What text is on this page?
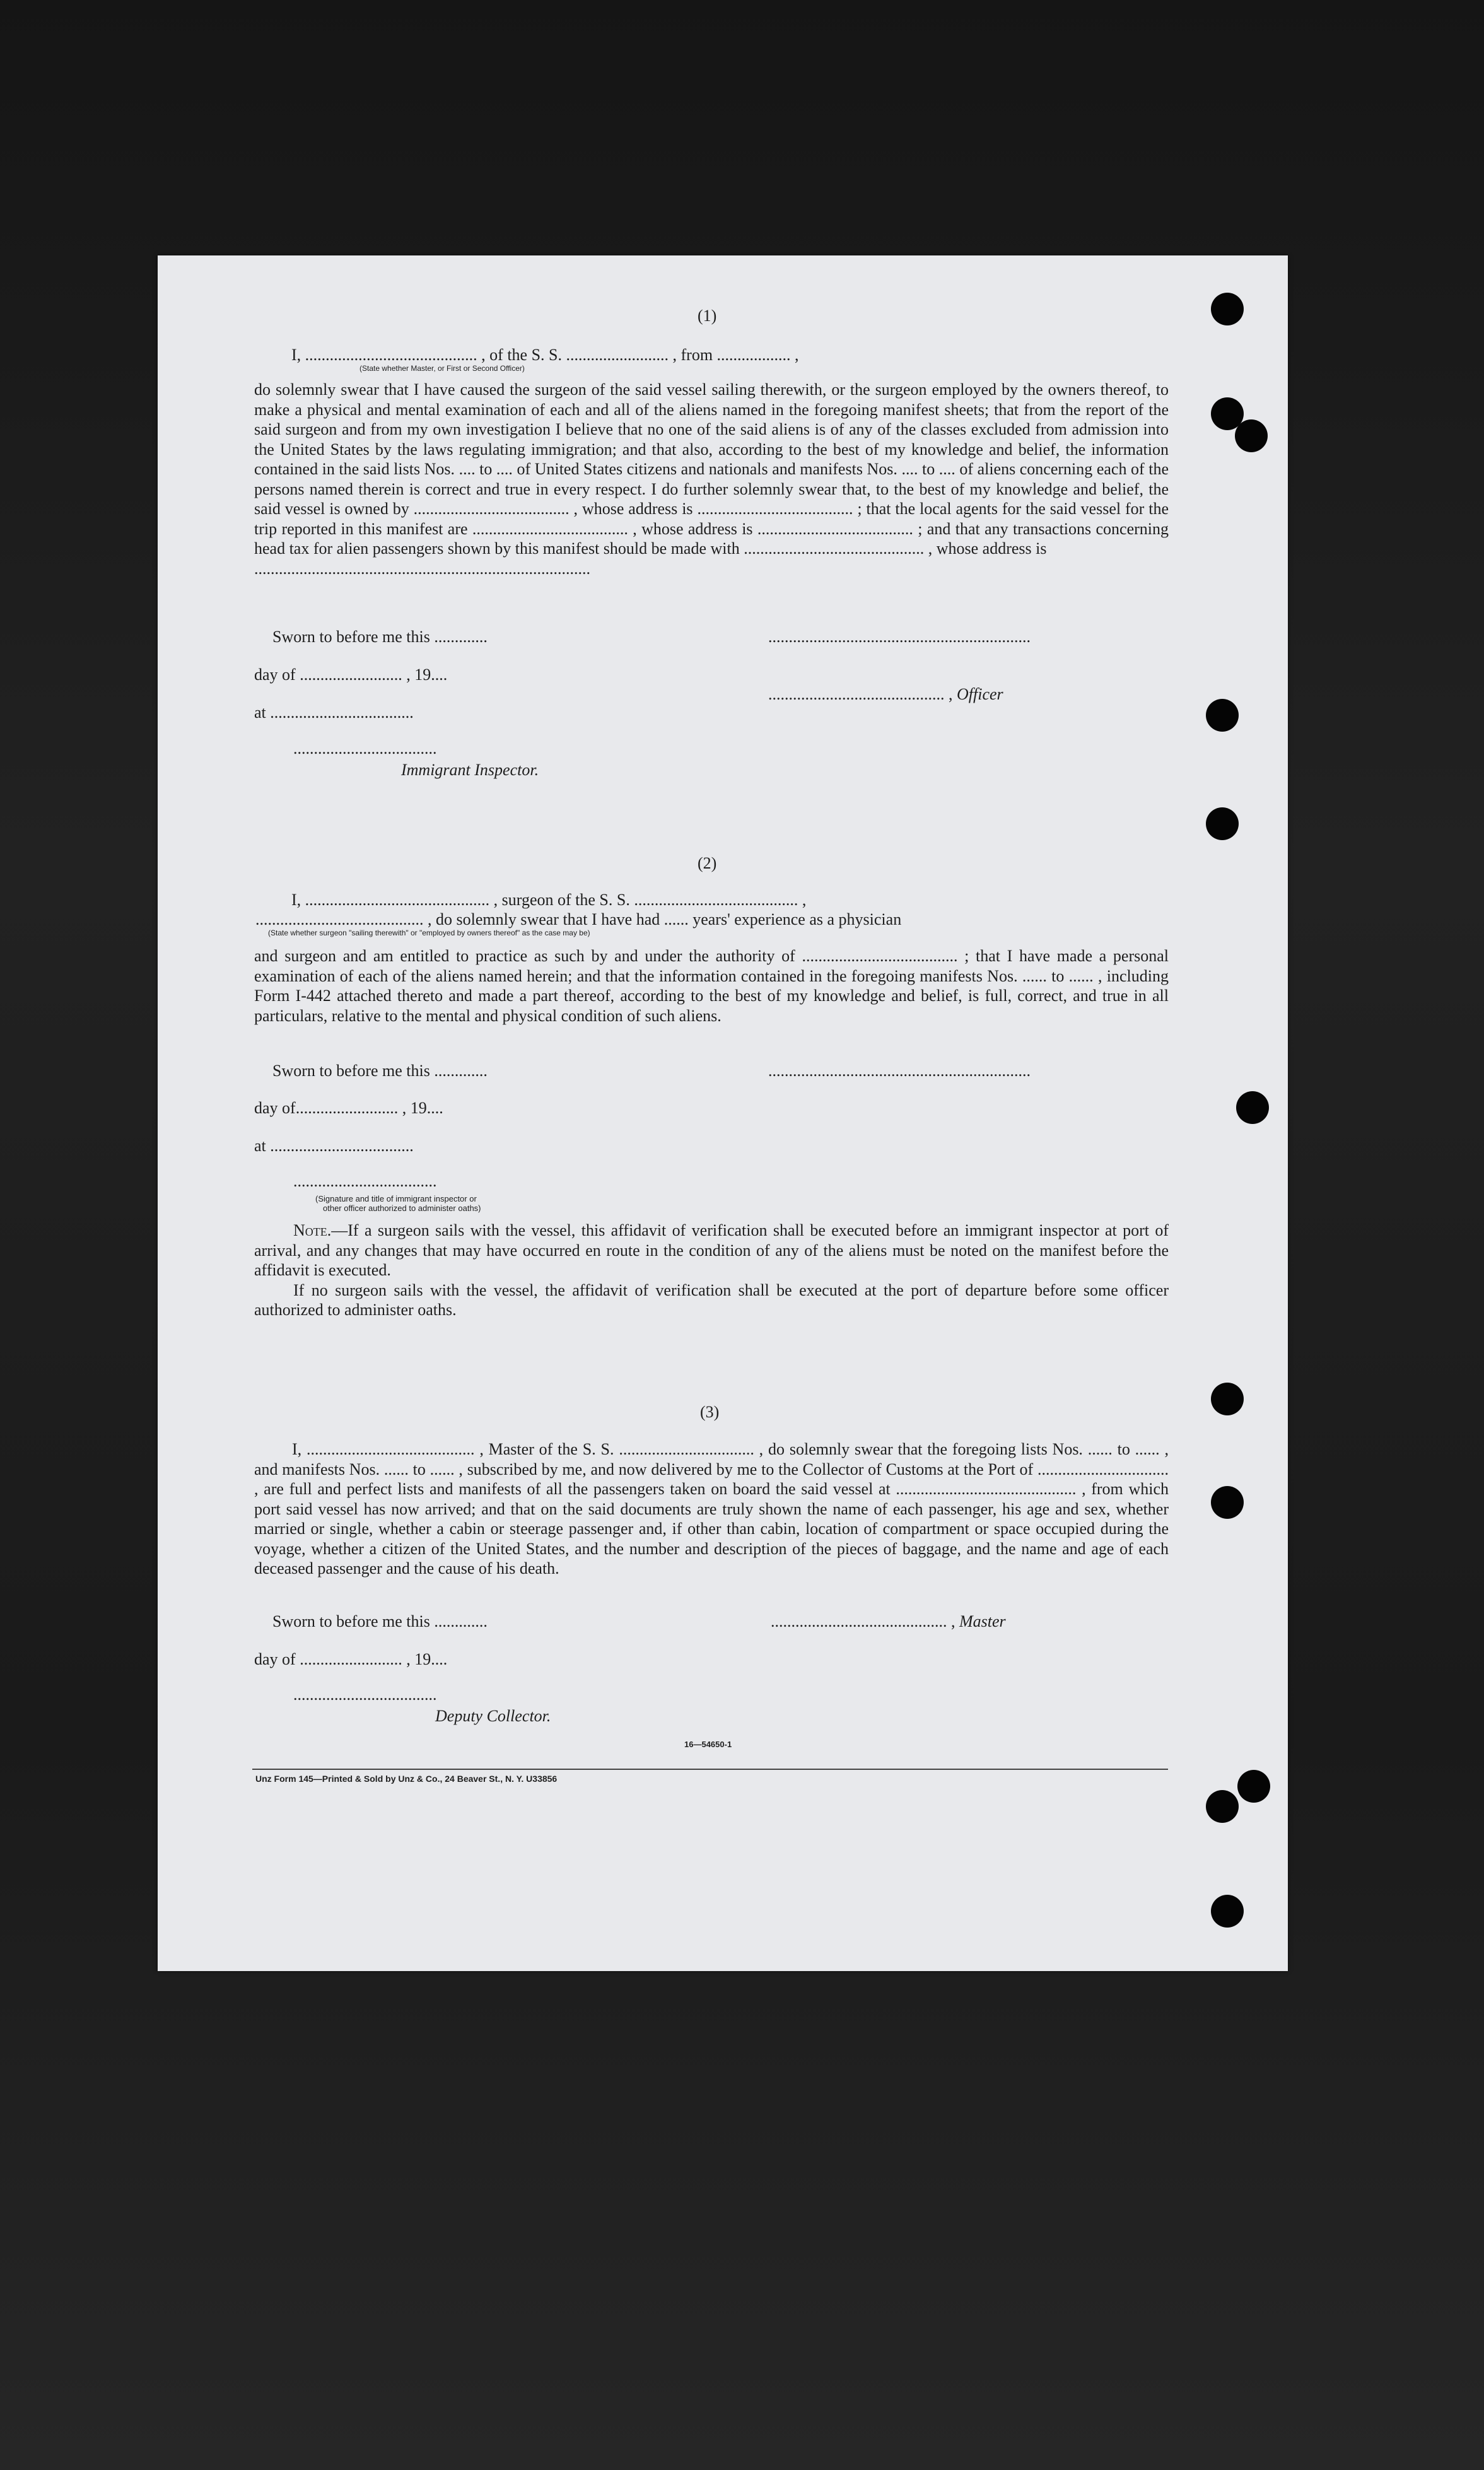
(1)
I, .......................................... , of the S. S. ......................... , from .................. ,
(State whether Master, or First or Second Officer)

do solemnly swear that I have caused the surgeon of the said vessel sailing therewith, or the surgeon employed by the owners thereof, to make a physical and mental examination of each and all of the aliens named in the foregoing manifest sheets; that from the report of the said surgeon and from my own investigation I believe that no one of the said aliens is of any of the classes excluded from admission into the United States by the laws regulating immigration; and that also, according to the best of my knowledge and belief, the information contained in the said lists Nos. .... to .... of United States citizens and nationals and manifests Nos. .... to .... of aliens concerning each of the persons named therein is correct and true in every respect. I do further solemnly swear that, to the best of my knowledge and belief, the said vessel is owned by ...................................... , whose address is ...................................... ; that the local agents for the said vessel for the trip reported in this manifest are ...................................... , whose address is ...................................... ; and that any transactions concerning head tax for alien passengers shown by this manifest should be made with ............................................ , whose address is

..................................................................................

Sworn to before me this .............	................................................................
day of ......................... , 19....
........................................... , Officer
at ...................................
...................................
Immigrant Inspector.
(2)
I, ............................................. , surgeon of the S. S. ........................................ ,
......................................... , do solemnly swear that I have had ...... years' experience as a physician
(State whether surgeon "sailing therewith" or "employed by owners thereof" as the case may be)

and surgeon and am entitled to practice as such by and under the authority of ...................................... ; that I have made a personal examination of each of the aliens named herein; and that the information contained in the foregoing manifests Nos. ...... to ...... , including Form I-442 attached thereto and made a part thereof, according to the best of my knowledge and belief, is full, correct, and true in all particulars, relative to the mental and physical condition of such aliens.

Sworn to before me this .............	................................................................
day of......................... , 19....
at ...................................
...................................
(Signature and title of immigrant inspector or
other officer authorized to administer oaths)

Note.—If a surgeon sails with the vessel, this affidavit of verification shall be executed before an immigrant inspector at port of arrival, and any changes that may have occurred en route in the condition of any of the aliens must be noted on the manifest before the affidavit is executed.

If no surgeon sails with the vessel, the affidavit of verification shall be executed at the port of departure before some officer authorized to administer oaths.

(3)

I, ......................................... , Master of the S. S. ................................. , do solemnly swear that the foregoing lists Nos. ...... to ...... , and manifests Nos. ...... to ...... , subscribed by me, and now delivered by me to the Collector of Customs at the Port of ................................ , are full and perfect lists and manifests of all the passengers taken on board the said vessel at ............................................ , from which port said vessel has now arrived; and that on the said documents are truly shown the name of each passenger, his age and sex, whether married or single, whether a cabin or steerage passenger and, if other than cabin, location of compartment or space occupied during the voyage, whether a citizen of the United States, and the number and description of the pieces of baggage, and the name and age of each deceased passenger and the cause of his death.

Sworn to before me this .............	........................................... , Master
day of ......................... , 19....
...................................
Deputy Collector.
16—54650-1
Unz Form 145—Printed & Sold by Unz & Co., 24 Beaver St., N. Y. U33856
